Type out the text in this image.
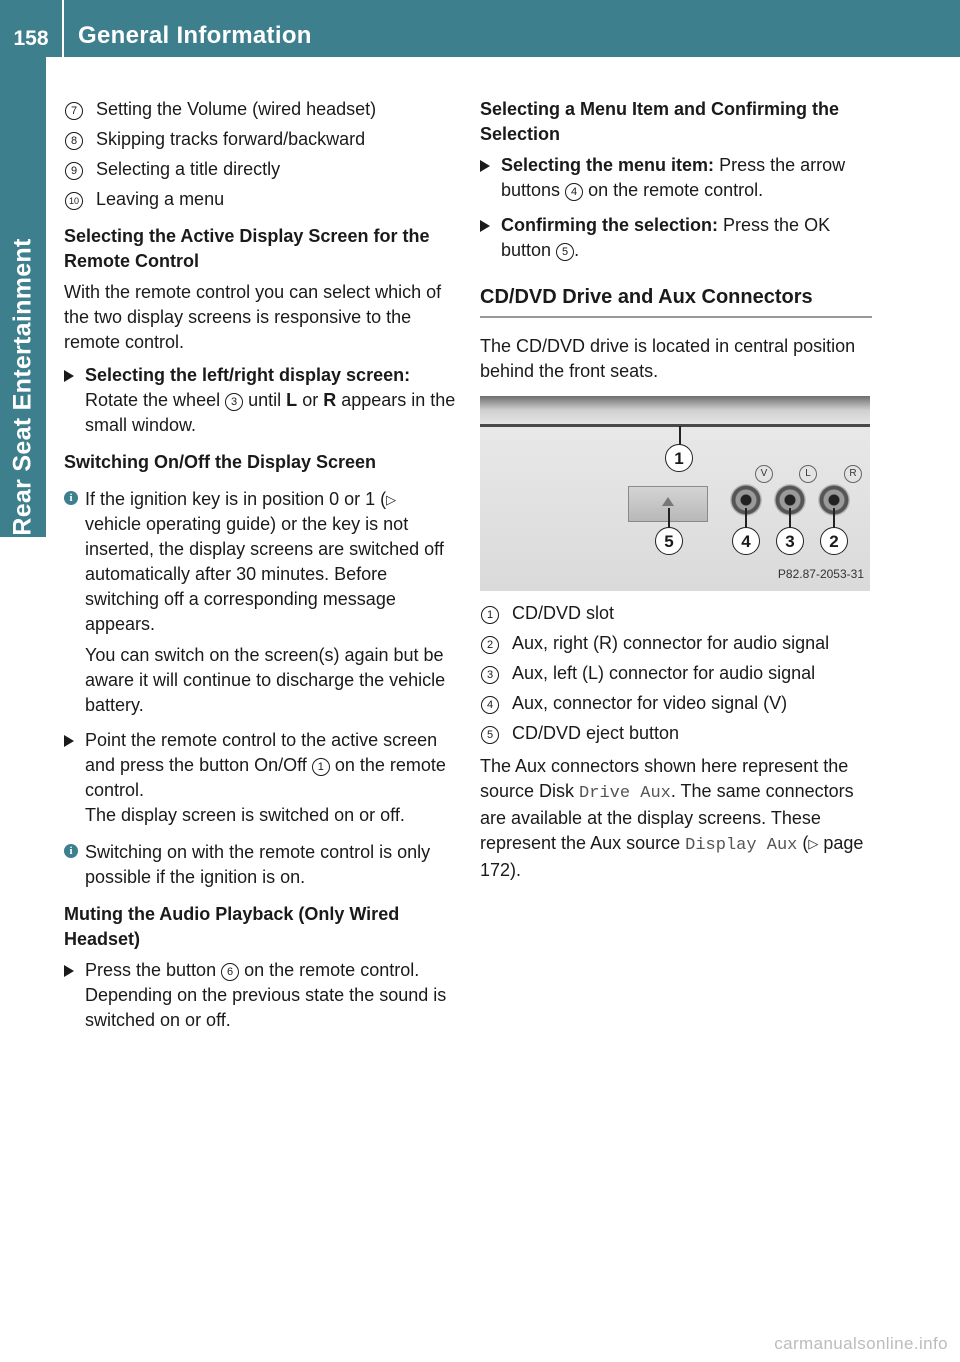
158	General Information
Rear Seat Entertainment
7	Setting the Volume (wired headset)
8	Skipping tracks forward/backward
9	Selecting a title directly
10 Leaving a menu
Selecting the Active Display Screen for the Remote Control
With the remote control you can select which of the two display screens is responsive to the remote control.
Selecting the left/right display screen:
Rotate the wheel 3 until L or R appears in the small window.
Switching On/Off the Display Screen
i If the ignition key is in position 0 or 1 (▷ vehicle operating guide) or the key is not inserted, the display screens are switched off automatically after 30 minutes. Before switching off a corresponding message appears.
You can switch on the screen(s) again but be aware it will continue to discharge the vehicle battery.
Point the remote control to the active screen and press the button On/Off 1 on the remote control.
The display screen is switched on or off.
i Switching on with the remote control is only possible if the ignition is on.
Muting the Audio Playback (Only Wired Headset)
Press the button 6 on the remote control. Depending on the previous state the sound is switched on or off.
Selecting a Menu Item and Confirming the Selection
Selecting the menu item: Press the arrow buttons 4 on the remote control.
Confirming the selection: Press the OK button 5 .
CD/DVD Drive and Aux Connectors
The CD/DVD drive is located in central position behind the front seats.
1
V	L	R
5	4	3	2
P82.87-2053-31
1	CD/DVD slot
2	Aux, right (R) connector for audio signal
3	Aux, left (L) connector for audio signal
4	Aux, connector for video signal (V)
5	CD/DVD eject button
The Aux connectors shown here represent the source Disk Drive Aux. The same connectors are available at the display screens. These represent the Aux source Display Aux (▷ page 172).
carmanualsonline.info
